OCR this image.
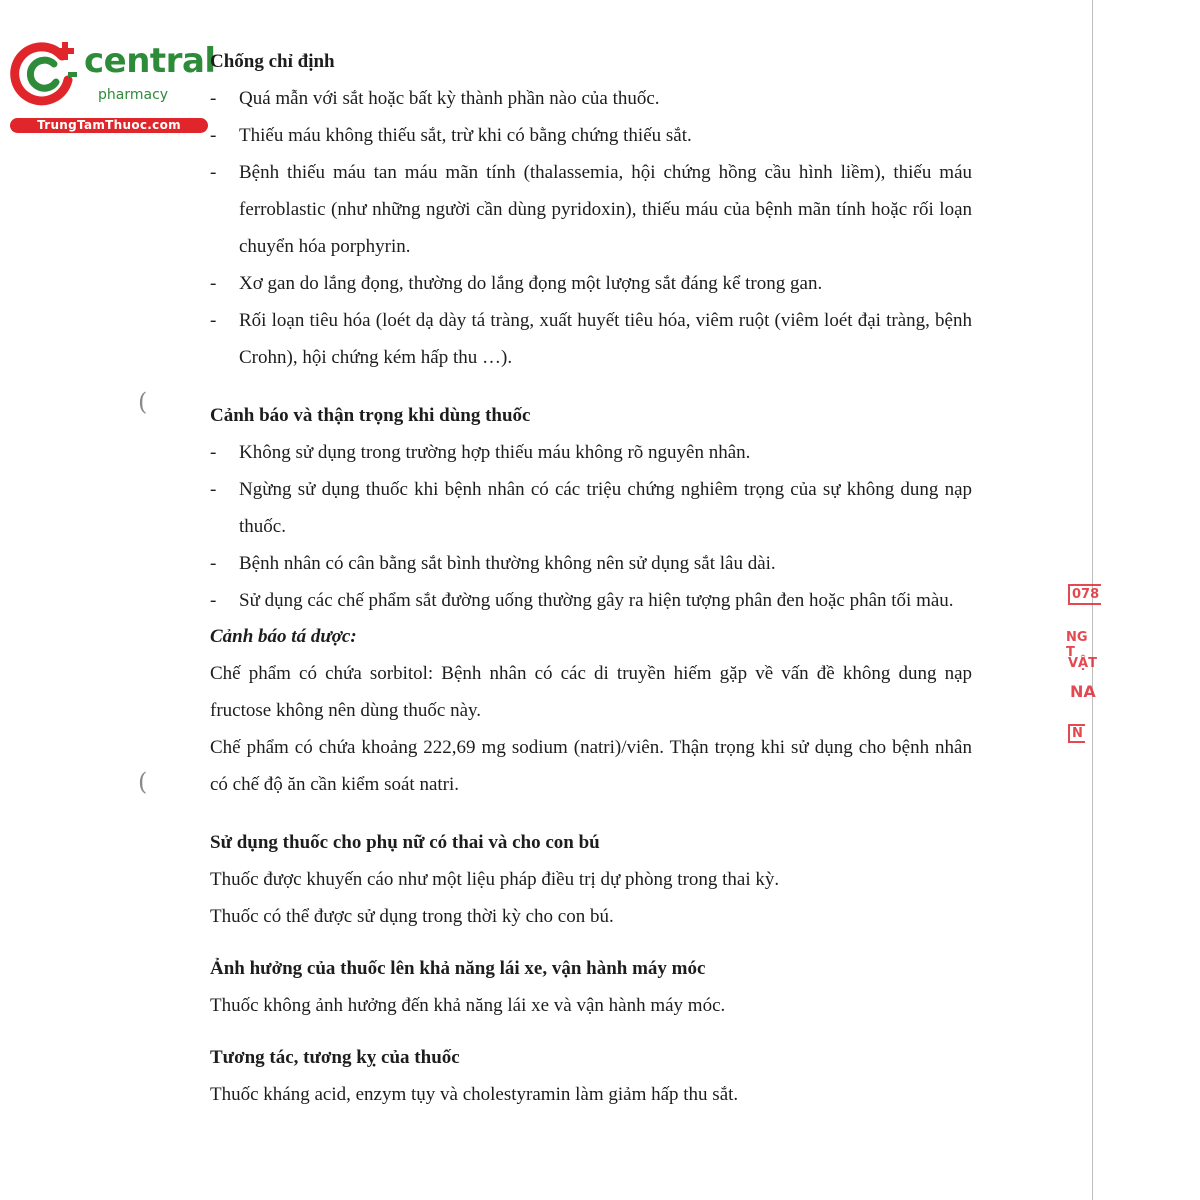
central
pharmacy
TrungTamThuoc.com
(
(
078
NG T
VẬT
NA
N
Chống chỉ định
- Quá mẫn với sắt hoặc bất kỳ thành phần nào của thuốc.
- Thiếu máu không thiếu sắt, trừ khi có bằng chứng thiếu sắt.
- Bệnh thiếu máu tan máu mãn tính (thalassemia, hội chứng hồng cầu hình liềm), thiếu máu ferroblastic (như những người cần dùng pyridoxin), thiếu máu của bệnh mãn tính hoặc rối loạn chuyển hóa porphyrin.
- Xơ gan do lắng đọng, thường do lắng đọng một lượng sắt đáng kể trong gan.
- Rối loạn tiêu hóa (loét dạ dày tá tràng, xuất huyết tiêu hóa, viêm ruột (viêm loét đại tràng, bệnh Crohn), hội chứng kém hấp thu …).
Cảnh báo và thận trọng khi dùng thuốc
- Không sử dụng trong trường hợp thiếu máu không rõ nguyên nhân.
- Ngừng sử dụng thuốc khi bệnh nhân có các triệu chứng nghiêm trọng của sự không dung nạp thuốc.
- Bệnh nhân có cân bằng sắt bình thường không nên sử dụng sắt lâu dài.
- Sử dụng các chế phẩm sắt đường uống thường gây ra hiện tượng phân đen hoặc phân tối màu.
Cảnh báo tá dược:
Chế phẩm có chứa sorbitol: Bệnh nhân có các di truyền hiếm gặp về vấn đề không dung nạp fructose không nên dùng thuốc này.
Chế phẩm có chứa khoảng 222,69 mg sodium (natri)/viên. Thận trọng khi sử dụng cho bệnh nhân có chế độ ăn cần kiểm soát natri.
Sử dụng thuốc cho phụ nữ có thai và cho con bú
Thuốc được khuyến cáo như một liệu pháp điều trị dự phòng trong thai kỳ.
Thuốc có thể được sử dụng trong thời kỳ cho con bú.
Ảnh hưởng của thuốc lên khả năng lái xe, vận hành máy móc
Thuốc không ảnh hưởng đến khả năng lái xe và vận hành máy móc.
Tương tác, tương kỵ của thuốc
Thuốc kháng acid, enzym tụy và cholestyramin làm giảm hấp thu sắt.
